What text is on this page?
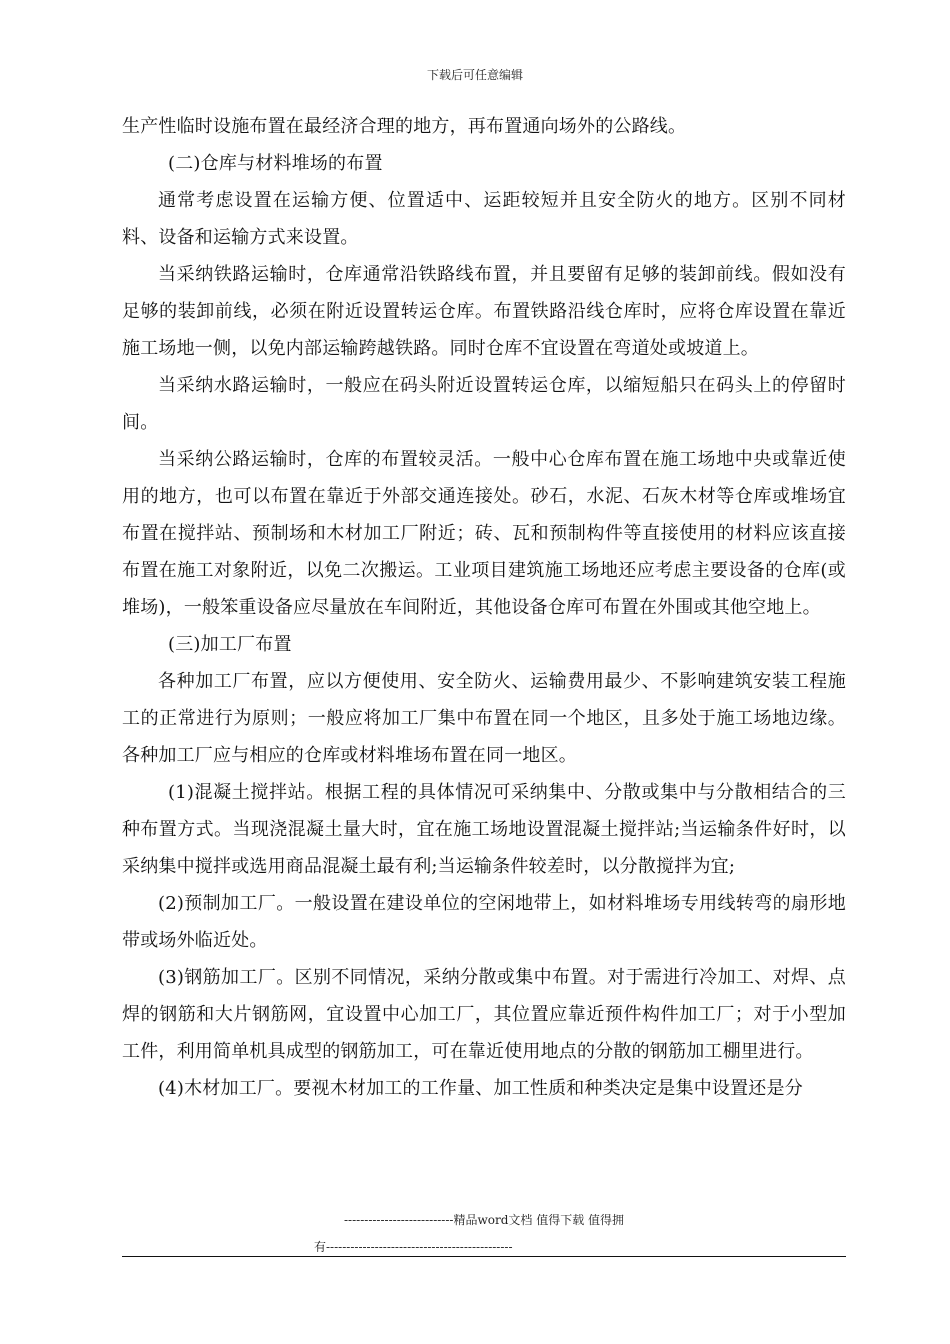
下载后可任意编辑

生产性临时设施布置在最经济合理的地方，再布置通向场外的公路线。

(二)仓库与材料堆场的布置

通常考虑设置在运输方便、位置适中、运距较短并且安全防火的地方。区别不同材料、设备和运输方式来设置。

当采纳铁路运输时，仓库通常沿铁路线布置，并且要留有足够的装卸前线。假如没有足够的装卸前线，必须在附近设置转运仓库。布置铁路沿线仓库时，应将仓库设置在靠近施工场地一侧，以免内部运输跨越铁路。同时仓库不宜设置在弯道处或坡道上。

当采纳水路运输时，一般应在码头附近设置转运仓库，以缩短船只在码头上的停留时间。

当采纳公路运输时，仓库的布置较灵活。一般中心仓库布置在施工场地中央或靠近使用的地方，也可以布置在靠近于外部交通连接处。砂石，水泥、石灰木材等仓库或堆场宜布置在搅拌站、预制场和木材加工厂附近；砖、瓦和预制构件等直接使用的材料应该直接布置在施工对象附近，以免二次搬运。工业项目建筑施工场地还应考虑主要设备的仓库(或堆场)，一般笨重设备应尽量放在车间附近，其他设备仓库可布置在外围或其他空地上。

(三)加工厂布置

各种加工厂布置，应以方便使用、安全防火、运输费用最少、不影响建筑安装工程施工的正常进行为原则；一般应将加工厂集中布置在同一个地区，且多处于施工场地边缘。各种加工厂应与相应的仓库或材料堆场布置在同一地区。

(1)混凝土搅拌站。根据工程的具体情况可采纳集中、分散或集中与分散相结合的三种布置方式。当现浇混凝土量大时，宜在施工场地设置混凝土搅拌站;当运输条件好时，以采纳集中搅拌或选用商品混凝土最有利;当运输条件较差时，以分散搅拌为宜;

(2)预制加工厂。一般设置在建设单位的空闲地带上，如材料堆场专用线转弯的扇形地带或场外临近处。

(3)钢筋加工厂。区别不同情况，采纳分散或集中布置。对于需进行冷加工、对焊、点焊的钢筋和大片钢筋网，宜设置中心加工厂，其位置应靠近预件构件加工厂；对于小型加工件，利用简单机具成型的钢筋加工，可在靠近使用地点的分散的钢筋加工棚里进行。

(4)木材加工厂。要视木材加工的工作量、加工性质和种类决定是集中设置还是分

---------------------------精品word文档 值得下载 值得拥
有----------------------------------------------
